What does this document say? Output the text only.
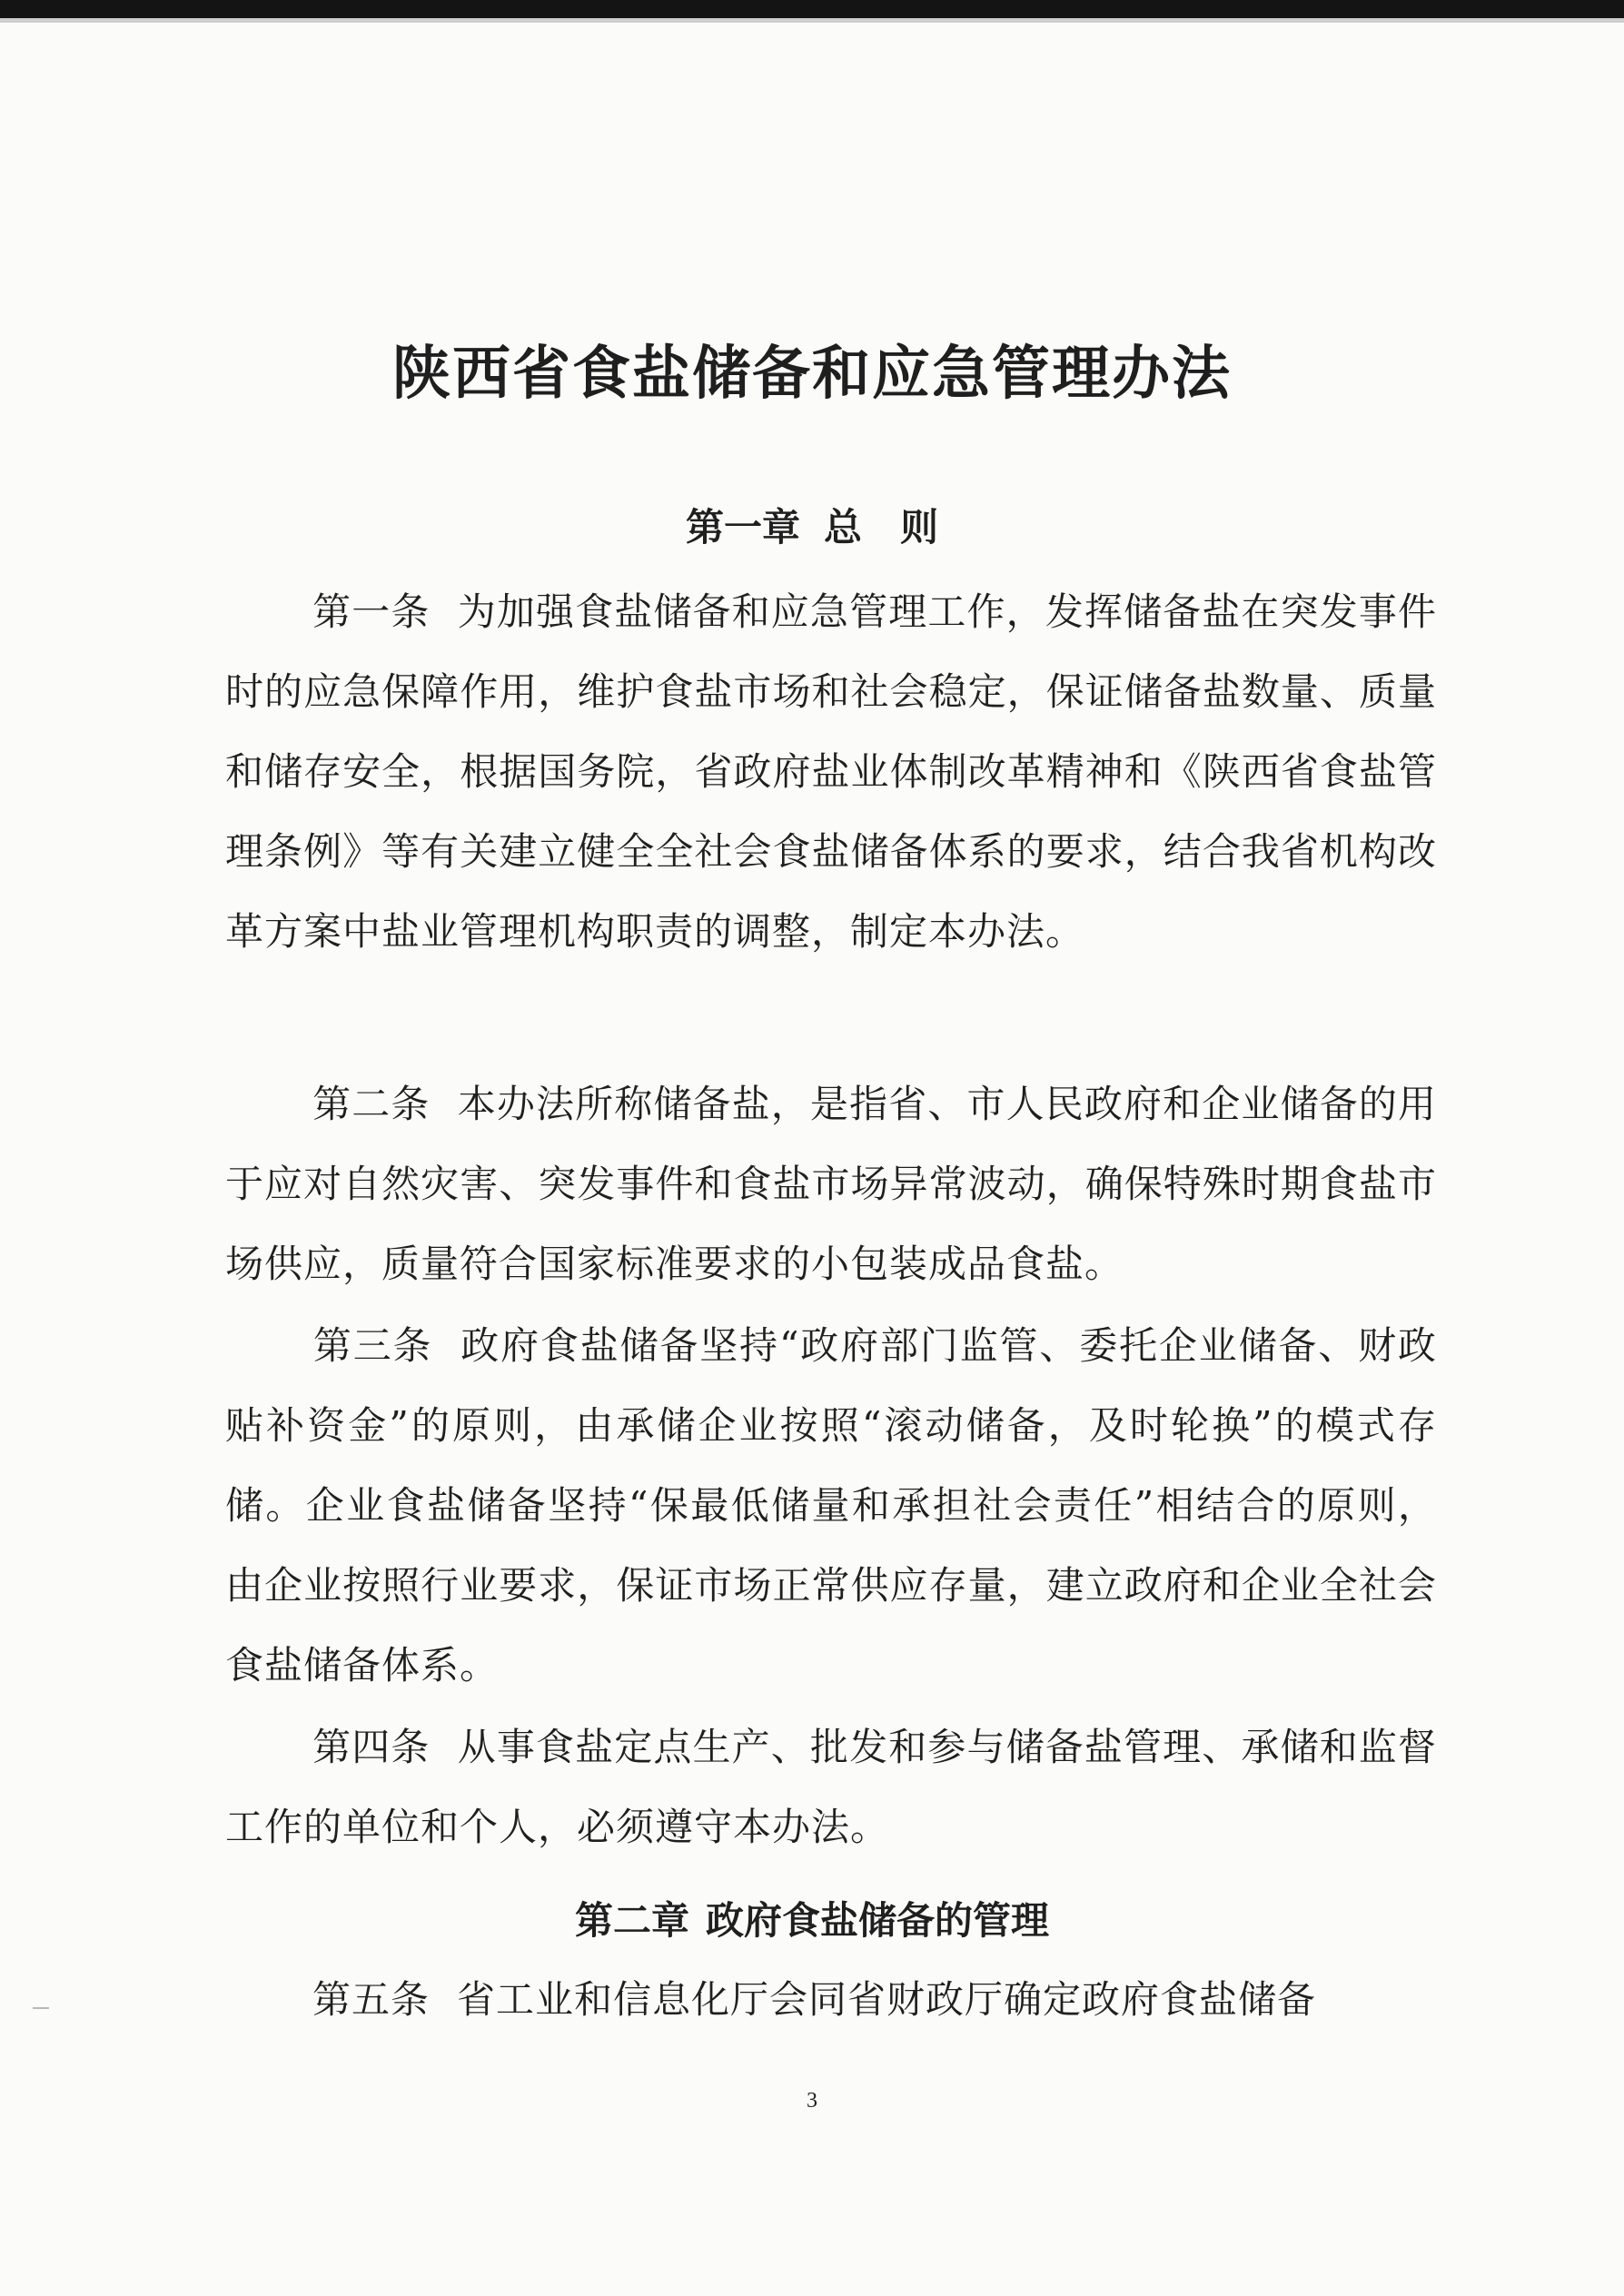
陕西省食盐储备和应急管理办法
第一章 总　则

第一条 为加强食盐储备和应急管理工作，发挥储备盐在突发事件时的应急保障作用，维护食盐市场和社会稳定，保证储备盐数量、质量和储存安全，根据国务院，省政府盐业体制改革精神和《陕西省食盐管理条例》等有关建立健全全社会食盐储备体系的要求，结合我省机构改革方案中盐业管理机构职责的调整，制定本办法。

第二条 本办法所称储备盐，是指省、市人民政府和企业储备的用于应对自然灾害、突发事件和食盐市场异常波动，确保特殊时期食盐市场供应，质量符合国家标准要求的小包装成品食盐。

第三条 政府食盐储备坚持“政府部门监管、委托企业储备、财政贴补资金”的原则，由承储企业按照“滚动储备，及时轮换”的模式存储。企业食盐储备坚持“保最低储量和承担社会责任”相结合的原则，由企业按照行业要求，保证市场正常供应存量，建立政府和企业全社会食盐储备体系。

第四条 从事食盐定点生产、批发和参与储备盐管理、承储和监督工作的单位和个人，必须遵守本办法。

第二章 政府食盐储备的管理

第五条 省工业和信息化厅会同省财政厅确定政府食盐储备

3
